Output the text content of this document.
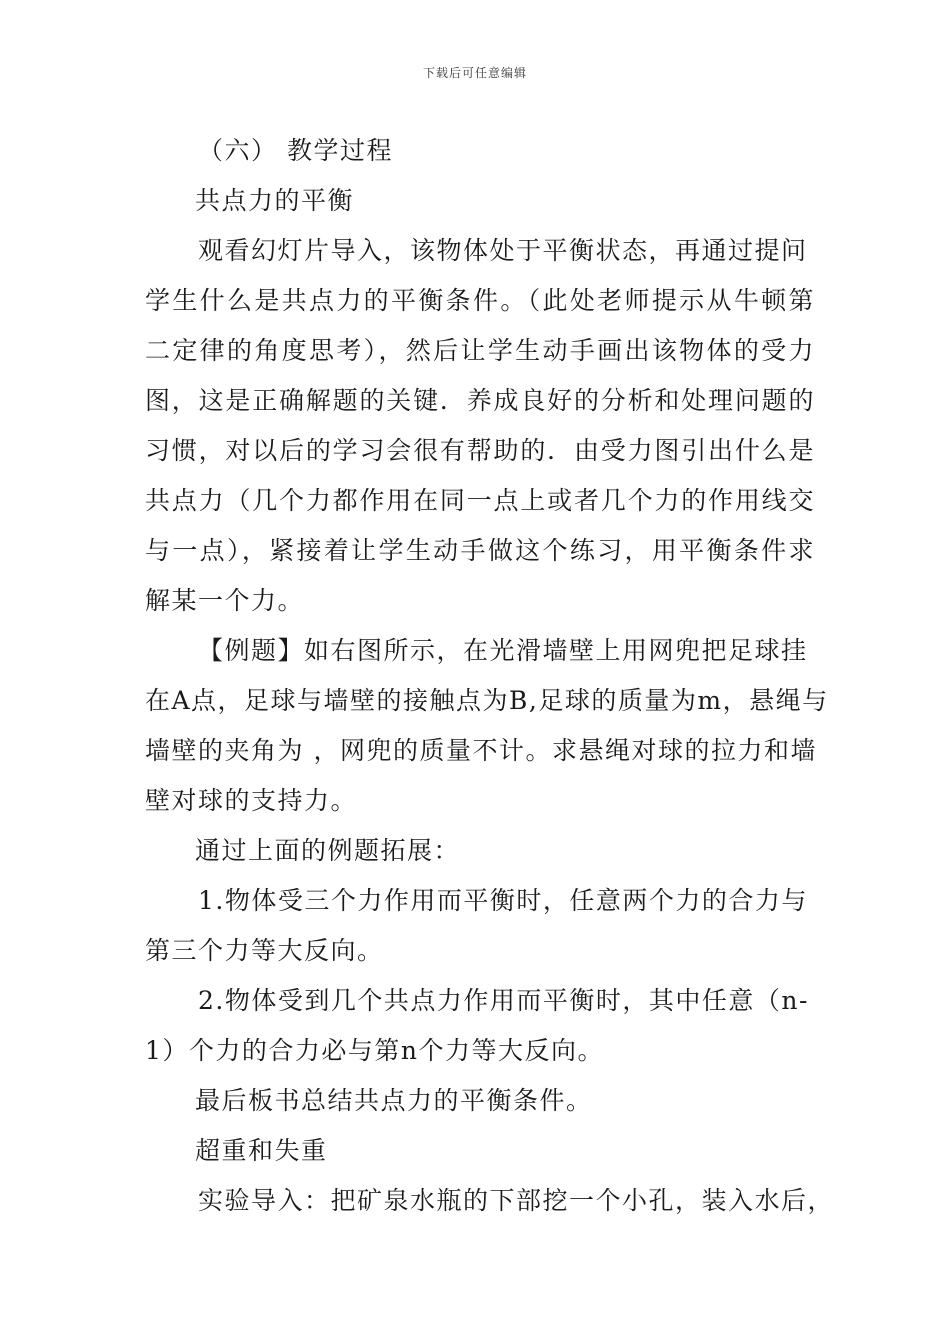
下载后可任意编辑
（六） 教学过程
共点力的平衡
观看幻灯片导入，该物体处于平衡状态，再通过提问
学生什么是共点力的平衡条件。（此处老师提示从牛顿第
二定律的角度思考），然后让学生动手画出该物体的受力
图，这是正确解题的关键．养成良好的分析和处理问题的
习惯，对以后的学习会很有帮助的．由受力图引出什么是
共点力（几个力都作用在同一点上或者几个力的作用线交
与一点），紧接着让学生动手做这个练习，用平衡条件求
解某一个力。
【例题】如右图所示，在光滑墙壁上用网兜把足球挂
在A点，足球与墙壁的接触点为B,足球的质量为m，悬绳与
墙壁的夹角为 ，网兜的质量不计。求悬绳对球的拉力和墙
壁对球的支持力。
通过上面的例题拓展：
1.物体受三个力作用而平衡时，任意两个力的合力与
第三个力等大反向。
2.物体受到几个共点力作用而平衡时，其中任意（n-
1）个力的合力必与第n个力等大反向。
最后板书总结共点力的平衡条件。
超重和失重
实验导入：把矿泉水瓶的下部挖一个小孔，装入水后，
